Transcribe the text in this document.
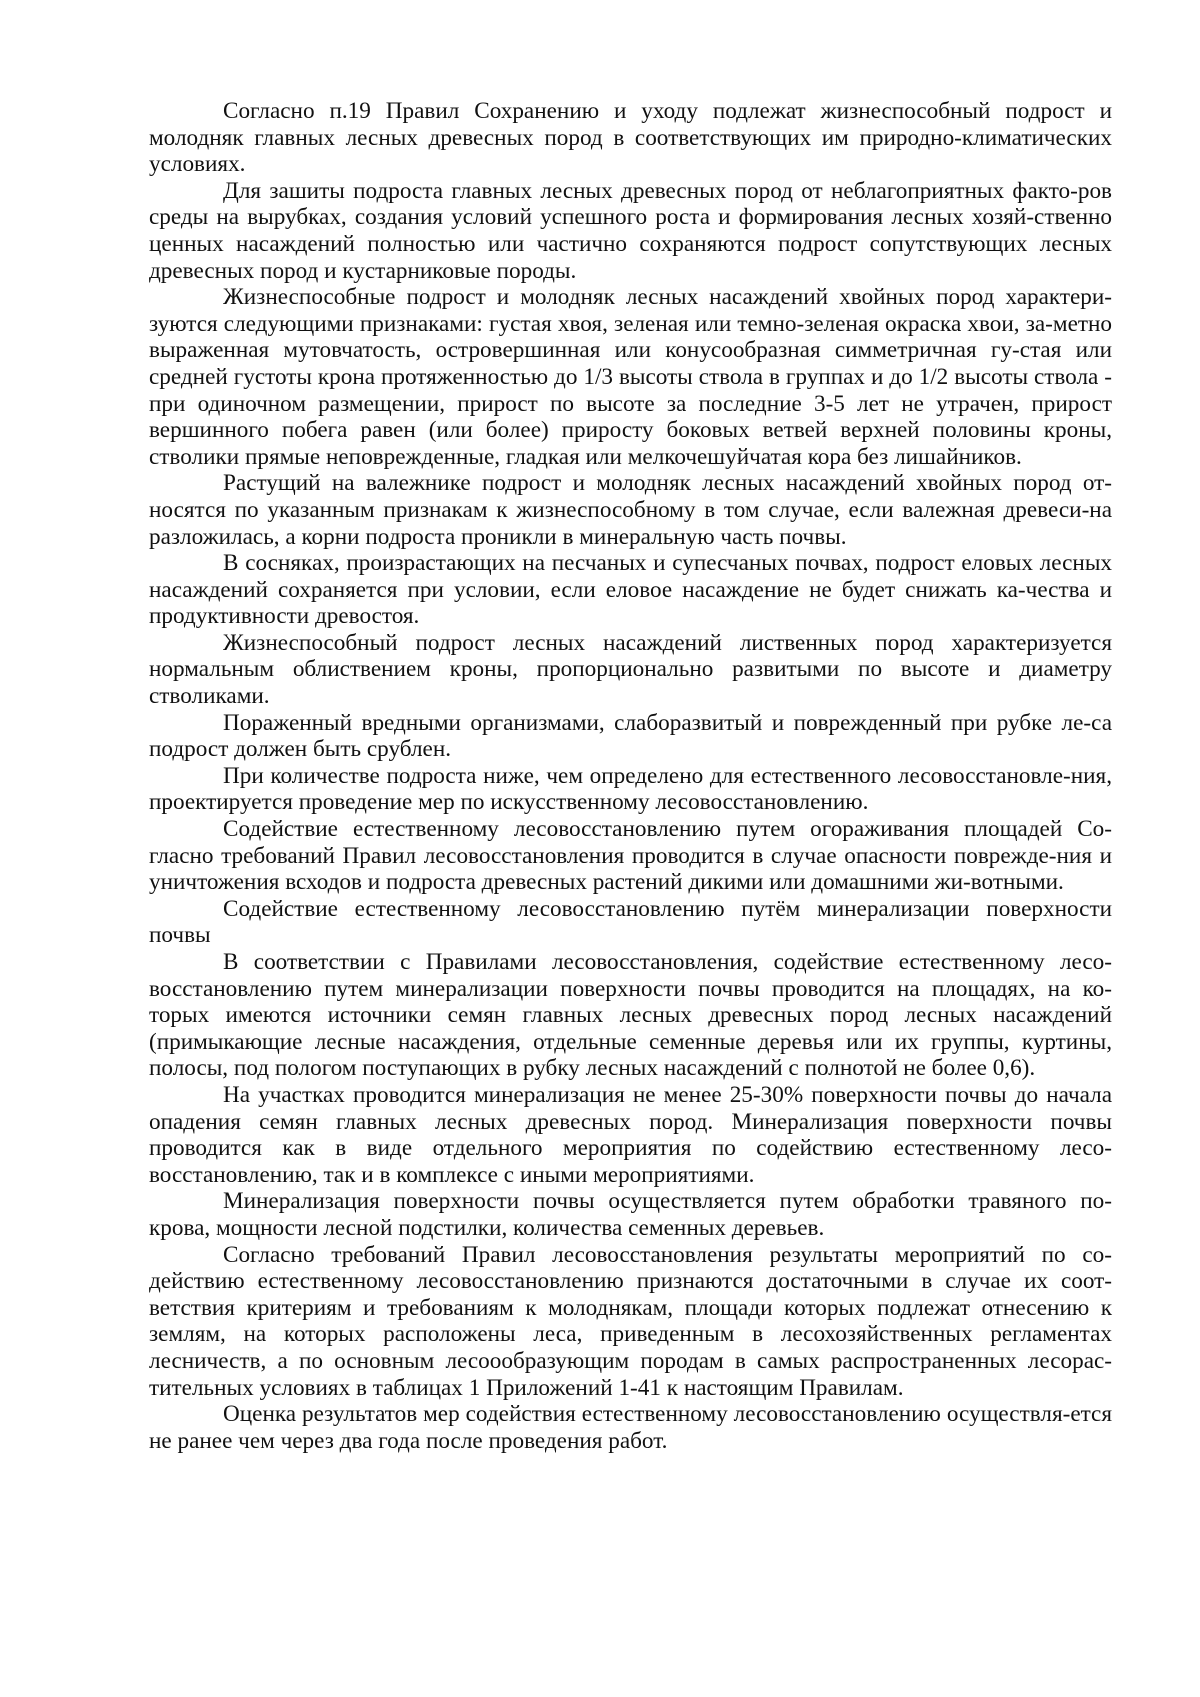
Согласно п.19 Правил Сохранению и уходу подлежат жизнеспособный подрост и молодняк главных лесных древесных пород в соответствующих им природно-климатических условиях.

Для зашиты подроста главных лесных древесных пород от неблагоприятных факто-ров среды на вырубках, создания условий успешного роста и формирования лесных хозяй-ственно ценных насаждений полностью или частично сохраняются подрост сопутствующих лесных древесных пород и кустарниковые породы.

Жизнеспособные подрост и молодняк лесных насаждений хвойных пород характери-зуются следующими признаками: густая хвоя, зеленая или темно-зеленая окраска хвои, за-метно выраженная мутовчатость, островершинная или конусообразная симметричная гу-стая или средней густоты крона протяженностью до 1/3 высоты ствола в группах и до 1/2 высоты ствола - при одиночном размещении, прирост по высоте за последние 3-5 лет не утрачен, прирост вершинного побега равен (или более) приросту боковых ветвей верхней половины кроны, стволики прямые неповрежденные, гладкая или мелкочешуйчатая кора без лишайников.

Растущий на валежнике подрост и молодняк лесных насаждений хвойных пород от-носятся по указанным признакам к жизнеспособному в том случае, если валежная древеси-на разложилась, а корни подроста проникли в минеральную часть почвы.

В сосняках, произрастающих на песчаных и супесчаных почвах, подрост еловых лесных насаждений сохраняется при условии, если еловое насаждение не будет снижать ка-чества и продуктивности древостоя.

Жизнеспособный подрост лесных насаждений лиственных пород характеризуется нормальным облиствением кроны, пропорционально развитыми по высоте и диаметру стволиками.

Пораженный вредными организмами, слаборазвитый и поврежденный при рубке ле-са подрост должен быть срублен.

При количестве подроста ниже, чем определено для естественного лесовосстановле-ния, проектируется проведение мер по искусственному лесовосстановлению.

Содействие естественному лесовосстановлению путем огораживания площадей Со-гласно требований Правил лесовосстановления проводится в случае опасности поврежде-ния и уничтожения всходов и подроста древесных растений дикими или домашними жи-вотными.

Содействие естественному лесовосстановлению путём минерализации поверхности почвы

В соответствии с Правилами лесовосстановления, содействие естественному лесо-восстановлению путем минерализации поверхности почвы проводится на площадях, на ко-торых имеются источники семян главных лесных древесных пород лесных насаждений (примыкающие лесные насаждения, отдельные семенные деревья или их группы, куртины, полосы, под пологом поступающих в рубку лесных насаждений с полнотой не более 0,6).

На участках проводится минерализация не менее 25-30% поверхности почвы до начала опадения семян главных лесных древесных пород. Минерализация поверхности почвы проводится как в виде отдельного мероприятия по содействию естественному лесо-восстановлению, так и в комплексе с иными мероприятиями.

Минерализация поверхности почвы осуществляется путем обработки травяного по-крова, мощности лесной подстилки, количества семенных деревьев.

Согласно требований Правил лесовосстановления результаты мероприятий по со-действию естественному лесовосстановлению признаются достаточными в случае их соот-ветствия критериям и требованиям к молоднякам, площади которых подлежат отнесению к землям, на которых расположены леса, приведенным в лесохозяйственных регламентах лесничеств, а по основным лесоообразующим породам в самых распространенных лесорас-тительных условиях в таблицах 1 Приложений 1-41 к настоящим Правилам.

Оценка результатов мер содействия естественному лесовосстановлению осуществля-ется не ранее чем через два года после проведения работ.
